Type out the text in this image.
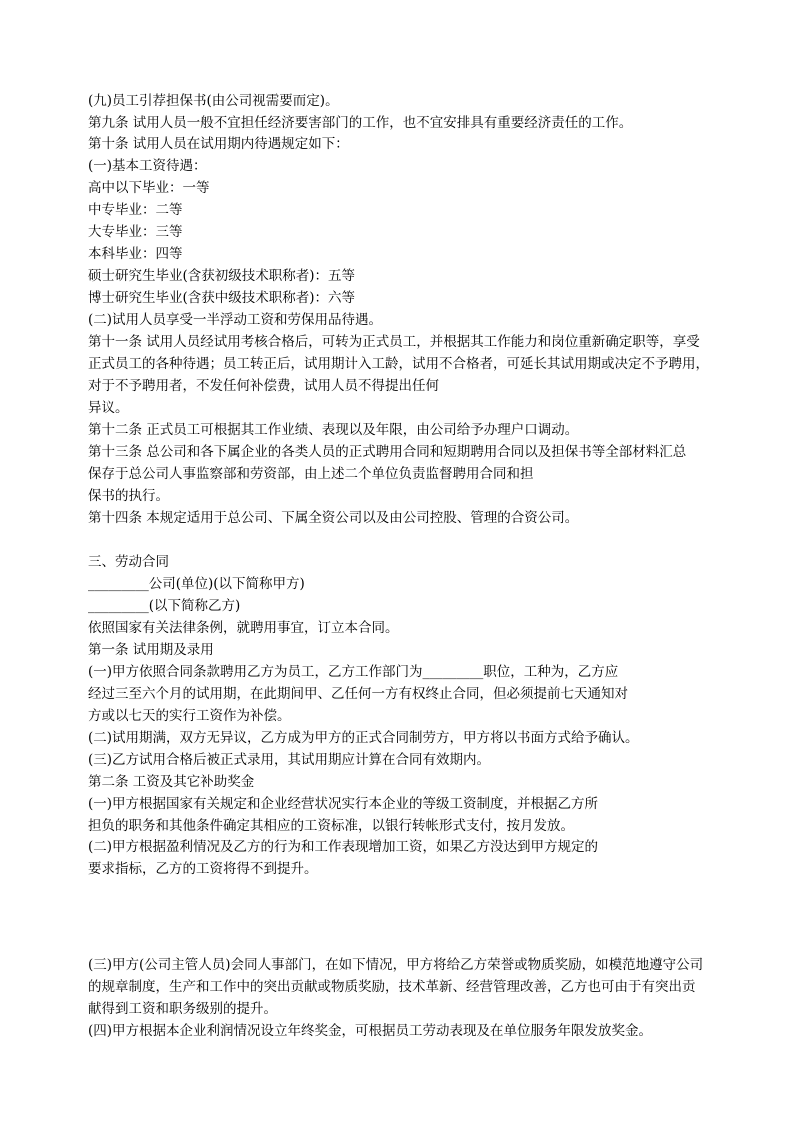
(九)员工引荐担保书(由公司视需要而定)。
第九条 试用人员一般不宜担任经济要害部门的工作，也不宜安排具有重要经济责任的工作。
第十条 试用人员在试用期内待遇规定如下：
(一)基本工资待遇：
高中以下毕业：一等
中专毕业：二等
大专毕业：三等
本科毕业：四等
硕士研究生毕业(含获初级技术职称者)：五等
博士研究生毕业(含获中级技术职称者)：六等
(二)试用人员享受一半浮动工资和劳保用品待遇。
第十一条 试用人员经试用考核合格后，可转为正式员工，并根据其工作能力和岗位重新确定职等，享受
正式员工的各种待遇；员工转正后，试用期计入工龄，试用不合格者，可延长其试用期或决定不予聘用，
对于不予聘用者，不发任何补偿费，试用人员不得提出任何
异议。
第十二条 正式员工可根据其工作业绩、表现以及年限，由公司给予办理户口调动。
第十三条 总公司和各下属企业的各类人员的正式聘用合同和短期聘用合同以及担保书等全部材料汇总
保存于总公司人事监察部和劳资部，由上述二个单位负责监督聘用合同和担
保书的执行。
第十四条 本规定适用于总公司、下属全资公司以及由公司控股、管理的合资公司。
三、劳动合同
_________公司(单位)(以下简称甲方)
_________(以下简称乙方)
依照国家有关法律条例，就聘用事宜，订立本合同。
第一条 试用期及录用
(一)甲方依照合同条款聘用乙方为员工，乙方工作部门为_________职位，工种为，乙方应
经过三至六个月的试用期，在此期间甲、乙任何一方有权终止合同，但必须提前七天通知对
方或以七天的实行工资作为补偿。
(二)试用期满，双方无异议，乙方成为甲方的正式合同制劳方，甲方将以书面方式给予确认。
(三)乙方试用合格后被正式录用，其试用期应计算在合同有效期内。
第二条 工资及其它补助奖金
(一)甲方根据国家有关规定和企业经营状况实行本企业的等级工资制度，并根据乙方所
担负的职务和其他条件确定其相应的工资标准，以银行转帐形式支付，按月发放。
(二)甲方根据盈利情况及乙方的行为和工作表现增加工资，如果乙方没达到甲方规定的
要求指标，乙方的工资将得不到提升。
(三)甲方(公司主管人员)会同人事部门，在如下情况，甲方将给乙方荣誉或物质奖励，如模范地遵守公司
的规章制度，生产和工作中的突出贡献或物质奖励，技术革新、经营管理改善，乙方也可由于有突出贡
献得到工资和职务级别的提升。
(四)甲方根据本企业利润情况设立年终奖金，可根据员工劳动表现及在单位服务年限发放奖金。
